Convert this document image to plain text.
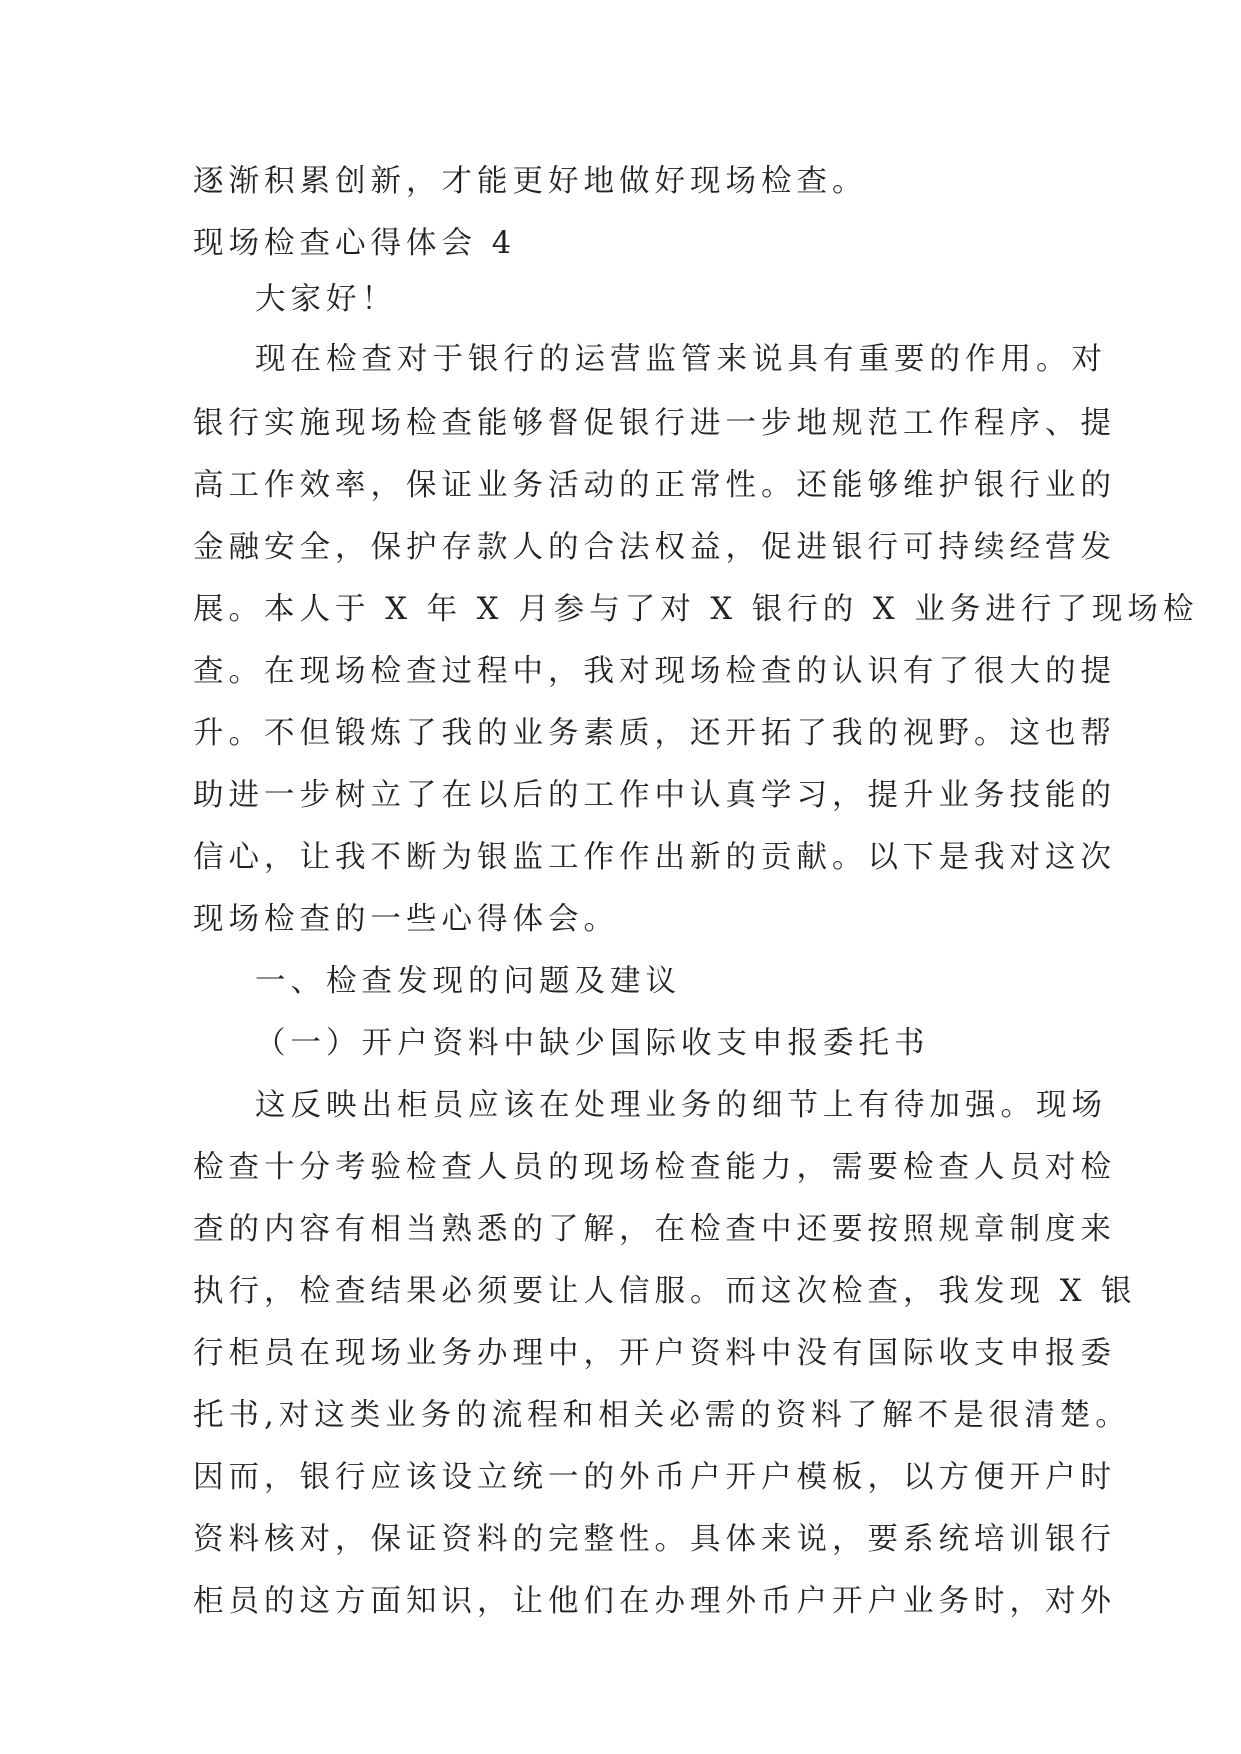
逐渐积累创新，才能更好地做好现场检查。
现场检查心得体会 4
大家好！
现在检查对于银行的运营监管来说具有重要的作用。对
银行实施现场检查能够督促银行进一步地规范工作程序、提
高工作效率，保证业务活动的正常性。还能够维护银行业的
金融安全，保护存款人的合法权益，促进银行可持续经营发
展。本人于 X 年 X 月参与了对 X 银行的 X 业务进行了现场检
查。在现场检查过程中，我对现场检查的认识有了很大的提
升。不但锻炼了我的业务素质，还开拓了我的视野。这也帮
助进一步树立了在以后的工作中认真学习，提升业务技能的
信心，让我不断为银监工作作出新的贡献。以下是我对这次
现场检查的一些心得体会。
一、检查发现的问题及建议
（一）开户资料中缺少国际收支申报委托书
这反映出柜员应该在处理业务的细节上有待加强。现场
检查十分考验检查人员的现场检查能力，需要检查人员对检
查的内容有相当熟悉的了解，在检查中还要按照规章制度来
执行，检查结果必须要让人信服。而这次检查，我发现 X 银
行柜员在现场业务办理中，开户资料中没有国际收支申报委
托书,对这类业务的流程和相关必需的资料了解不是很清楚。
因而，银行应该设立统一的外币户开户模板，以方便开户时
资料核对，保证资料的完整性。具体来说，要系统培训银行
柜员的这方面知识，让他们在办理外币户开户业务时，对外
